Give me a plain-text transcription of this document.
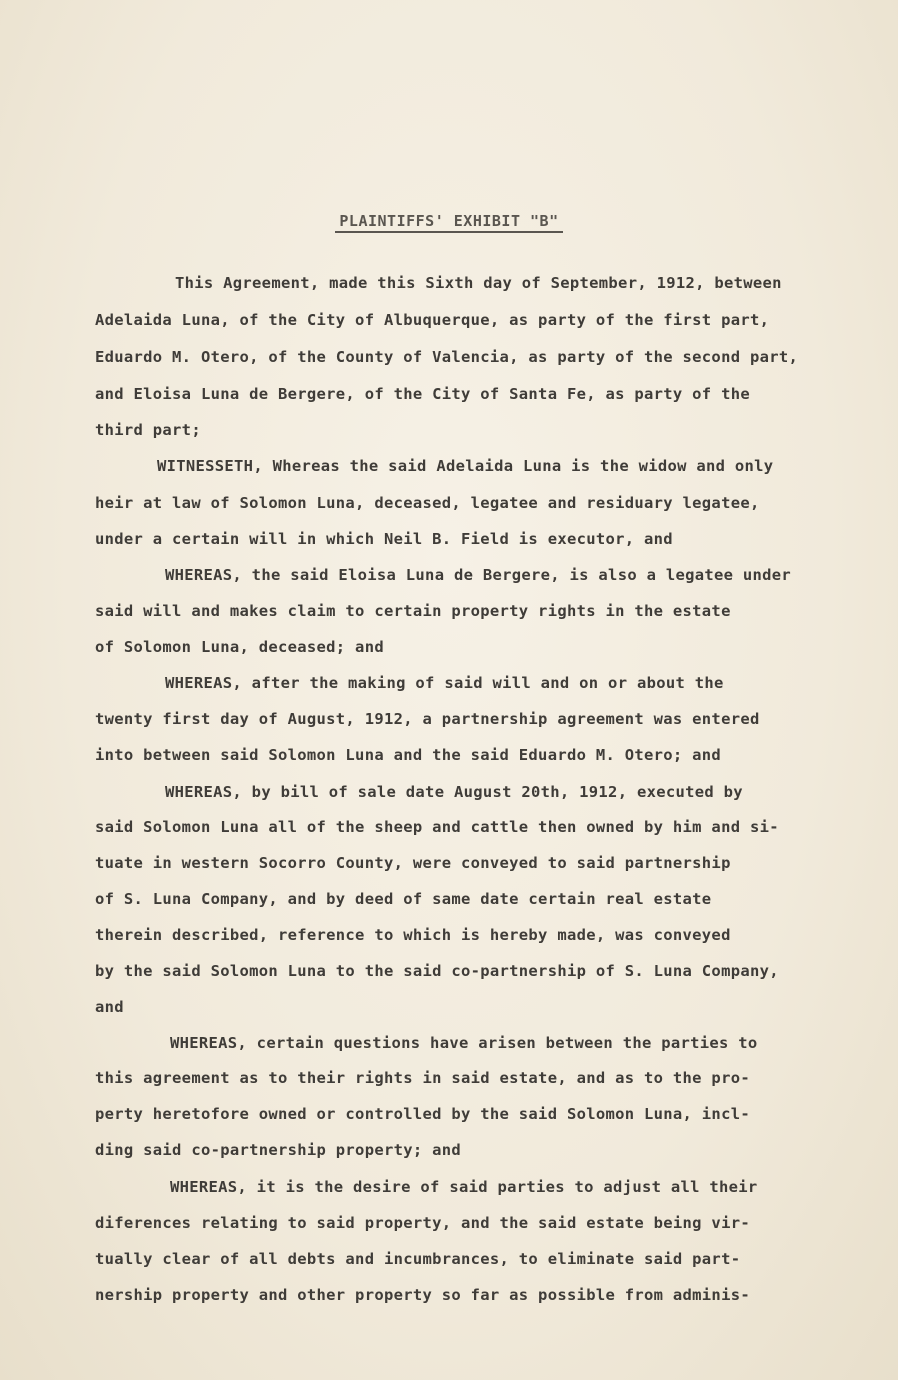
PLAINTIFFS' EXHIBIT "B"
This Agreement, made this Sixth day of September, 1912, between
Adelaida Luna, of the City of Albuquerque, as party of the first part,
Eduardo M. Otero, of the County of Valencia, as party of the second part,
and Eloisa Luna de Bergere, of the City of Santa Fe, as party of the
third part;
WITNESSETH, Whereas the said Adelaida Luna is the widow and only
heir at law of Solomon Luna, deceased, legatee and residuary legatee,
under a certain will in which Neil B. Field is executor, and
WHEREAS, the said Eloisa Luna de Bergere, is also a legatee under
said will and makes claim to certain property rights in the estate
of Solomon Luna, deceased; and
WHEREAS, after the making of said will and on or about the
twenty first day of August, 1912, a partnership agreement was entered
into between said Solomon Luna and the said Eduardo M. Otero; and
WHEREAS, by bill of sale date August 20th, 1912, executed by
said Solomon Luna all of the sheep and cattle then owned by him and si-
tuate in western Socorro County, were conveyed to said partnership
of S. Luna Company, and by deed of same date certain real estate
therein described, reference to which is hereby made, was conveyed
by the said Solomon Luna to the said co-partnership of S. Luna Company,
and
WHEREAS, certain questions have arisen between the parties to
this agreement as to their rights in said estate, and as to the pro-
perty heretofore owned or controlled by the said Solomon Luna, incl-
ding said co-partnership property; and
WHEREAS, it is the desire of said parties to adjust all their
diferences relating to said property, and the said estate being vir-
tually clear of all debts and incumbrances, to eliminate said part-
nership property and other property so far as possible from adminis-
